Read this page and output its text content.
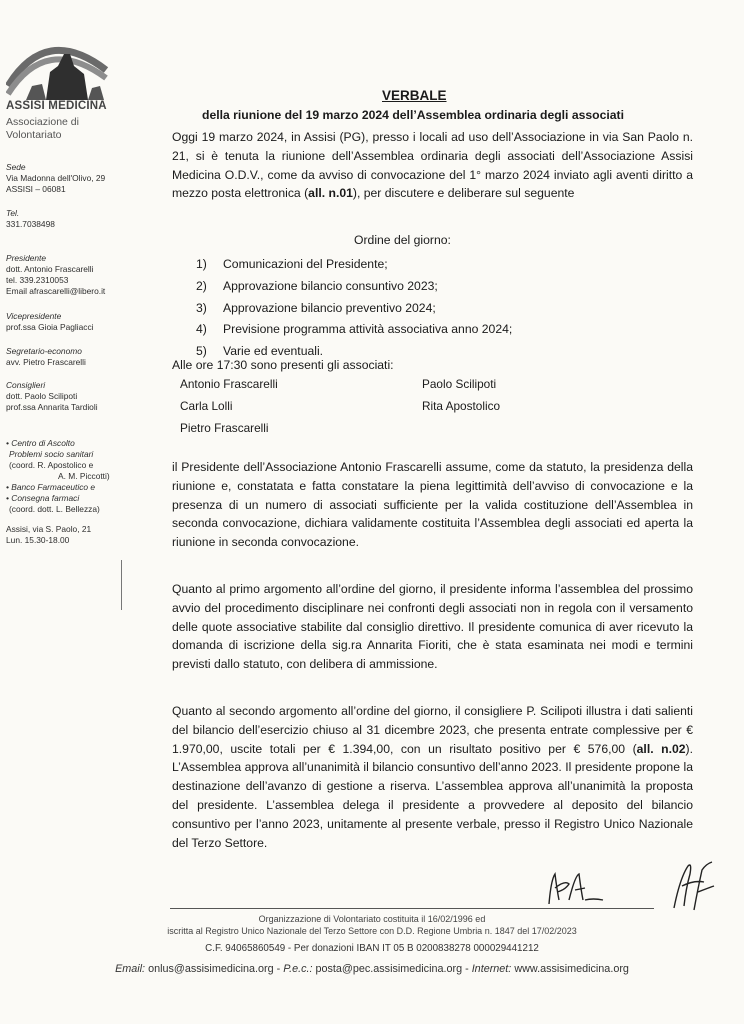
ASSISI MEDICINA
Associazione di Volontariato
Sede
Via Madonna dell'Olivo, 29
ASSISI – 06081
Tel.
331.7038498
Presidente
dott. Antonio Frascarelli
tel. 339.2310053
Email afrascarelli@libero.it
Vicepresidente
prof.ssa Gioia Pagliacci
Segretario-economo
avv. Pietro Frascarelli
Consiglieri
dott. Paolo Scilipoti
prof.ssa Annarita Tardioli
• Centro di Ascolto
Problemi socio sanitari
(coord. R. Apostolico e
A. M. Piccotti)
• Banco Farmaceutico e
• Consegna farmaci
(coord. dott. L. Bellezza)
Assisi, via S. Paolo, 21
Lun. 15.30-18.00
VERBALE
della riunione del 19 marzo 2024 dell’Assemblea ordinaria degli associati
Oggi 19 marzo 2024, in Assisi (PG), presso i locali ad uso dell’Associazione in via San Paolo n. 21, si è tenuta la riunione dell’Assemblea ordinaria degli associati dell’Associazione Assisi Medicina O.D.V., come da avviso di convocazione del 1° marzo 2024 inviato agli aventi diritto a mezzo posta elettronica (all. n.01), per discutere e deliberare sul seguente
Ordine del giorno:
1) Comunicazioni del Presidente;
2) Approvazione bilancio consuntivo 2023;
3) Approvazione bilancio preventivo 2024;
4) Previsione programma attività associativa anno 2024;
5) Varie ed eventuali.
Alle ore 17:30 sono presenti gli associati:
Antonio Frascarelli
Carla Lolli
Pietro Frascarelli
Paolo Scilipoti
Rita Apostolico
il Presidente dell’Associazione Antonio Frascarelli assume, come da statuto, la presidenza della riunione e, constatata e fatta constatare la piena legittimità dell’avviso di convocazione e la presenza di un numero di associati sufficiente per la valida costituzione dell’Assemblea in seconda convocazione, dichiara validamente costituita l’Assemblea degli associati ed aperta la riunione in seconda convocazione.
Quanto al primo argomento all’ordine del giorno, il presidente informa l’assemblea del prossimo avvio del procedimento disciplinare nei confronti degli associati non in regola con il versamento delle quote associative stabilite dal consiglio direttivo. Il presidente comunica di aver ricevuto la domanda di iscrizione della sig.ra Annarita Fioriti, che è stata esaminata nei modi e termini previsti dallo statuto, con delibera di ammissione.
Quanto al secondo argomento all’ordine del giorno, il consigliere P. Scilipoti illustra i dati salienti del bilancio dell’esercizio chiuso al 31 dicembre 2023, che presenta entrate complessive per € 1.970,00, uscite totali per € 1.394,00, con un risultato positivo per € 576,00 (all. n.02). L’Assemblea approva all’unanimità il bilancio consuntivo dell’anno 2023. Il presidente propone la destinazione dell’avanzo di gestione a riserva. L’assemblea approva all’unanimità la proposta del presidente. L’assemblea delega il presidente a provvedere al deposito del bilancio consuntivo per l’anno 2023, unitamente al presente verbale, presso il Registro Unico Nazionale del Terzo Settore.
Organizzazione di Volontariato costituita il 16/02/1996 ed
iscritta al Registro Unico Nazionale del Terzo Settore con D.D. Regione Umbria n. 1847 del 17/02/2023
C.F. 94065860549 - Per donazioni IBAN IT 05 B 0200838278 000029441212
Email: onlus@assisimedicina.org - P.e.c.: posta@pec.assisimedicina.org - Internet: www.assisimedicina.org
